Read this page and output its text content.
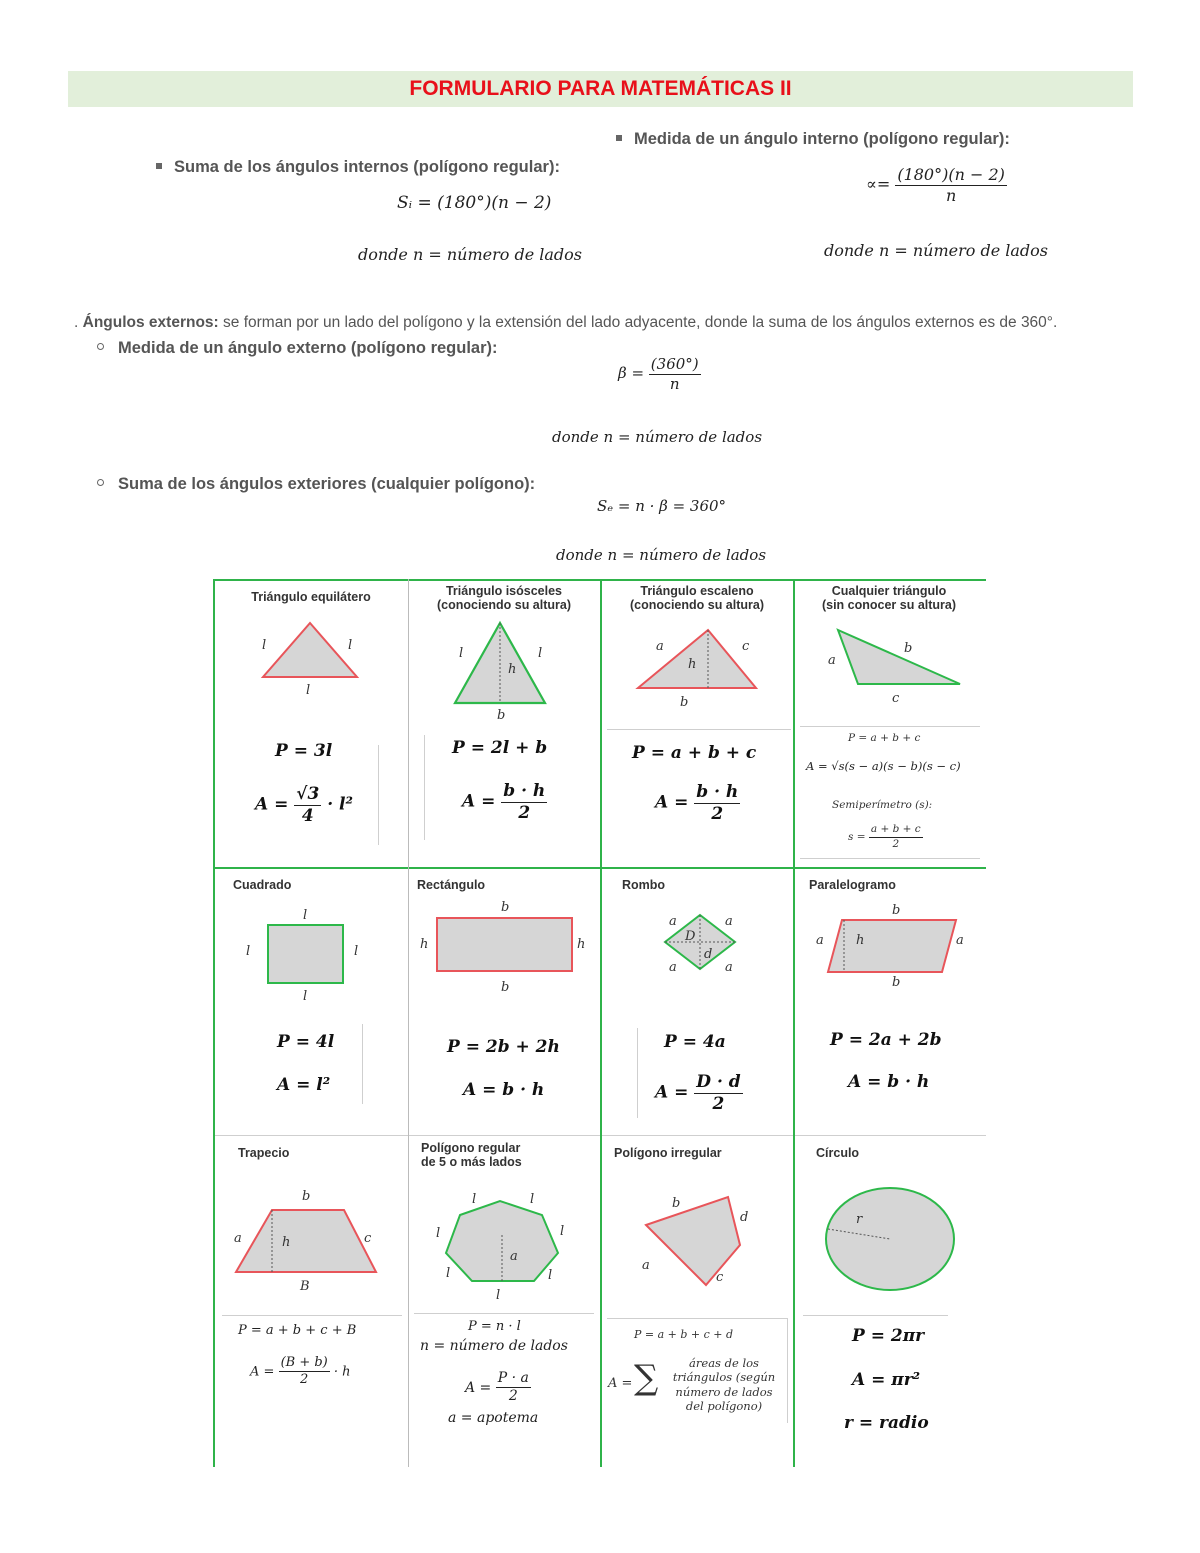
FORMULARIO PARA MATEMÁTICAS II
Suma de los ángulos internos (polígono regular):
Sᵢ = (180°)(n − 2)
donde n = número de lados
Medida de un ángulo interno (polígono regular):
∝= $\frac{(180^\circ)(n - 2)}{n}$
donde n = número de lados
. Ángulos externos: se forman por un lado del polígono y la extensión del lado adyacente, donde la suma de los ángulos externos es de 360°.
Medida de un ángulo externo (polígono regular):
$\beta = \frac{(360^\circ)}{n}$
donde n = número de lados
Suma de los ángulos exteriores (cualquier polígono):
Sₑ = n · β = 360°
donde n = número de lados
Triángulo equilátero
l	l
l
P = 3l
$A = \frac{√3}{4} \cdot l^2$
Triángulo isósceles
(conociendo su altura)
l	l
h
b
P = 2l + b
$A = \frac{b \cdot h}{2}$
Triángulo escaleno
(conociendo su altura)
a	c
h
b
P = a + b + c
$A = \frac{b \cdot h}{2}$
Cualquier triángulo
(sin conocer su altura)
a
b
c
P = a + b + c
A = √s(s − a)(s − b)(s − c)
Semiperímetro (s):
$s = \frac{a + b + c}{2}$
Cuadrado
l
l	l
l
P = 4l
A = l²
Rectángulo
b
h	h
b
P = 2b + 2h
A = b · h
Rombo
a	a
a	a
D
d
P = 4a
$A = \frac{D \cdot d}{2}$
Paralelogramo
b
a h	a
b
P = 2a + 2b
A = b · h
Trapecio
b
a	h	c
B
P = a + b + c + B
$A = \frac{(B + b)}{2} \cdot h$
Polígono regular
de 5 o más lados
l	l
l	l
a
l	l
l
P = n · l
n = número de lados
$A = \frac{P \cdot a}{2}$
a = apotema
Polígono irregular
b
d
a
c
P = a + b + c + d
A = ∑	áreas de los
triángulos (según
número de lados
del polígono)
Círculo
r
P = 2πr
A = πr²
r = radio
